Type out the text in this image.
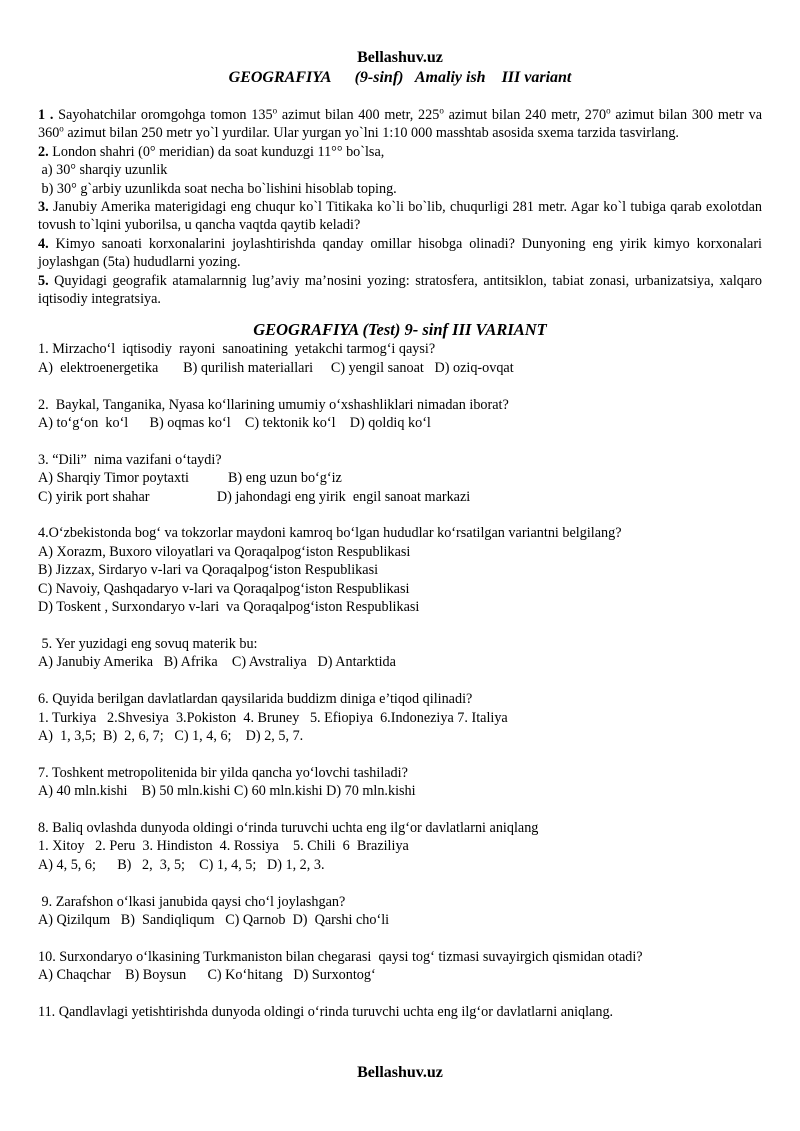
Bellashuv.uz
GEOGRAFIYA      (9-sinf)   Amaliy ish    III variant

1 . Sayohatchilar oromgohga tomon 135$^o$ azimut bilan 400 metr, 225$^o$ azimut bilan 240 metr, 270$^o$ azimut bilan 300 metr va 360$^o$ azimut bilan 250 metr yo`l yurdilar. Ular yurgan yo`lni 1:10 000 masshtab asosida sxema tarzida tasvirlang.

2. London shahri (0° meridian) da soat kunduzgi 11°° bo`lsa,

a) 30° sharqiy uzunlik

b) 30° g`arbiy uzunlikda soat necha bo`lishini hisoblab toping.

3. Janubiy Amerika materigidagi eng chuqur ko`l Titikaka ko`li bo`lib, chuqurligi 281 metr. Agar ko`l tubiga qarab exolotdan tovush to`lqini yuborilsa, u qancha vaqtda qaytib keladi?

4. Kimyo sanoati korxonalarini joylashtirishda qanday omillar hisobga olinadi? Dunyoning eng yirik kimyo korxonalari joylashgan (5ta) hududlarni yozing.

5. Quyidagi geografik atamalarnnig lug’aviy ma’nosini yozing: stratosfera, antitsiklon, tabiat zonasi, urbanizatsiya, xalqaro iqtisodiy integratsiya.

GEOGRAFIYA (Test) 9- sinf III VARIANT
1. Mirzachoʻl  iqtisodiy  rayoni  sanoatining  yetakchi tarmogʻi qaysi?
A)  elektroenergetika       B) qurilish materiallari     C) yengil sanoat   D) oziq-ovqat
2.  Baykal, Tanganika, Nyasa koʻllarining umumiy oʻxshashliklari nimadan iborat?
A) toʻgʻon  koʻl      B) oqmas koʻl    C) tektonik koʻl    D) qoldiq koʻl
3. “Dili”  nima vazifani oʻtaydi?
A) Sharqiy Timor poytaxti           B) eng uzun boʻgʻiz
C) yirik port shahar                   D) jahondagi eng yirik  engil sanoat markazi
4.Oʻzbekistonda bogʻ va tokzorlar maydoni kamroq boʻlgan hududlar koʻrsatilgan variantni belgilang?
A) Xorazm, Buxoro viloyatlari va Qoraqalpogʻiston Respublikasi
B) Jizzax, Sirdaryo v-lari va Qoraqalpogʻiston Respublikasi
C) Navoiy, Qashqadaryo v-lari va Qoraqalpogʻiston Respublikasi
D) Toskent , Surxondaryo v-lari  va Qoraqalpogʻiston Respublikasi
5. Yer yuzidagi eng sovuq materik bu:
A) Janubiy Amerika   B) Afrika    C) Avstraliya   D) Antarktida
6. Quyida berilgan davlatlardan qaysilarida buddizm diniga e’tiqod qilinadi?
1. Turkiya   2.Shvesiya  3.Pokiston  4. Bruney   5. Efiopiya  6.Indoneziya 7. Italiya
A)  1, 3,5;  B)  2, 6, 7;   C) 1, 4, 6;    D) 2, 5, 7.
7. Toshkent metropolitenida bir yilda qancha yoʻlovchi tashiladi?
A) 40 mln.kishi    B) 50 mln.kishi C) 60 mln.kishi D) 70 mln.kishi
8. Baliq ovlashda dunyoda oldingi oʻrinda turuvchi uchta eng ilgʻor davlatlarni aniqlang
1. Xitoy   2. Peru  3. Hindiston  4. Rossiya    5. Chili  6  Braziliya
A) 4, 5, 6;      B)   2,  3, 5;    C) 1, 4, 5;   D) 1, 2, 3.
9. Zarafshon oʻlkasi janubida qaysi choʻl joylashgan?
A) Qizilqum   B)  Sandiqliqum   C) Qarnob  D)  Qarshi choʻli
10. Surxondaryo oʻlkasining Turkmaniston bilan chegarasi  qaysi togʻ tizmasi suvayirgich qismidan otadi?
A) Chaqchar    B) Boysun      C) Koʻhitang   D) Surxontogʻ
11. Qandlavlagi yetishtirishda dunyoda oldingi oʻrinda turuvchi uchta eng ilgʻor davlatlarni aniqlang.
Bellashuv.uz
